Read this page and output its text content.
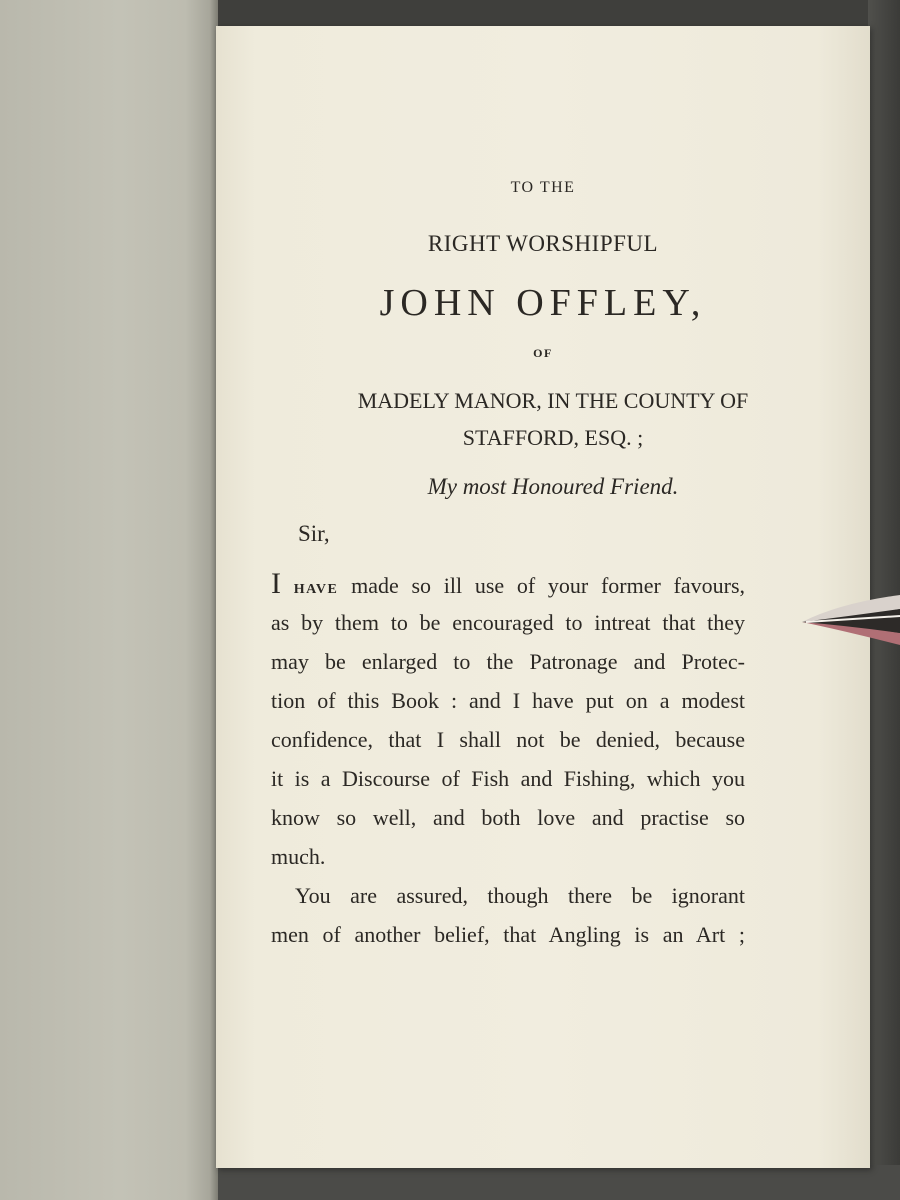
TO THE

RIGHT WORSHIPFUL

JOHN OFFLEY,

OF

MADELY MANOR, IN THE COUNTY OF

STAFFORD, ESQ. ;

My most Honoured Friend.

Sir,

I HAVE made so ill use of your former favours,
as by them to be encouraged to intreat that they
may be enlarged to the Patronage and Protec-
tion of this Book : and I have put on a modest
confidence, that I shall not be denied, because
it is a Discourse of Fish and Fishing, which you
know so well, and both love and practise so
much.
You are assured, though there be ignorant
men of another belief, that Angling is an Art ;
